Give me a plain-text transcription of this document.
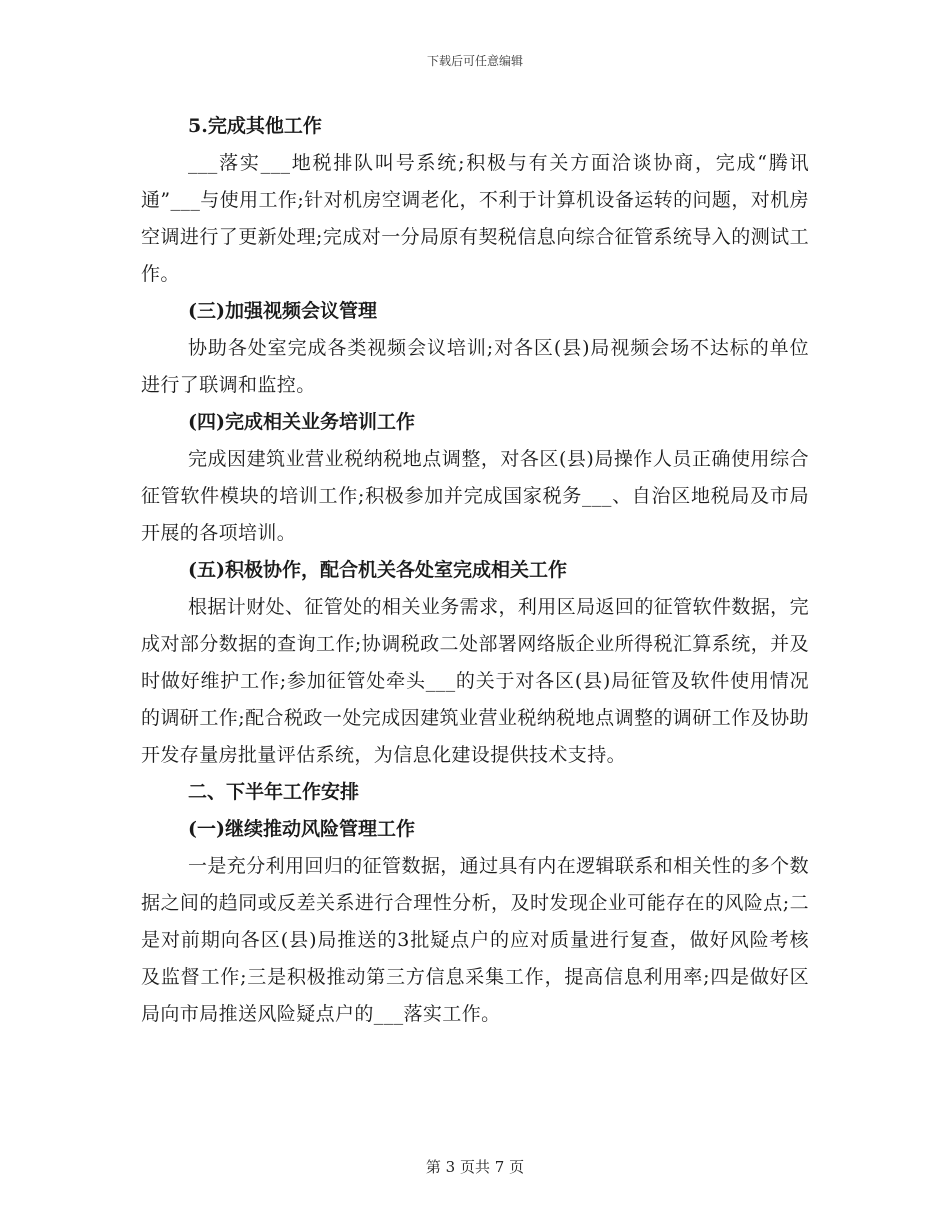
下载后可任意编辑

5.完成其他工作

___落实___地税排队叫号系统;积极与有关方面洽谈协商，完成“腾讯通”___与使用工作;针对机房空调老化，不利于计算机设备运转的问题，对机房空调进行了更新处理;完成对一分局原有契税信息向综合征管系统导入的测试工作。

(三)加强视频会议管理

协助各处室完成各类视频会议培训;对各区(县)局视频会场不达标的单位进行了联调和监控。

(四)完成相关业务培训工作

完成因建筑业营业税纳税地点调整，对各区(县)局操作人员正确使用综合征管软件模块的培训工作;积极参加并完成国家税务___、自治区地税局及市局开展的各项培训。

(五)积极协作，配合机关各处室完成相关工作

根据计财处、征管处的相关业务需求，利用区局返回的征管软件数据，完成对部分数据的查询工作;协调税政二处部署网络版企业所得税汇算系统，并及时做好维护工作;参加征管处牵头___的关于对各区(县)局征管及软件使用情况的调研工作;配合税政一处完成因建筑业营业税纳税地点调整的调研工作及协助开发存量房批量评估系统，为信息化建设提供技术支持。

二、下半年工作安排

(一)继续推动风险管理工作

一是充分利用回归的征管数据，通过具有内在逻辑联系和相关性的多个数据之间的趋同或反差关系进行合理性分析，及时发现企业可能存在的风险点;二是对前期向各区(县)局推送的3批疑点户的应对质量进行复查，做好风险考核及监督工作;三是积极推动第三方信息采集工作，提高信息利用率;四是做好区局向市局推送风险疑点户的___落实工作。

第 3 页共 7 页
